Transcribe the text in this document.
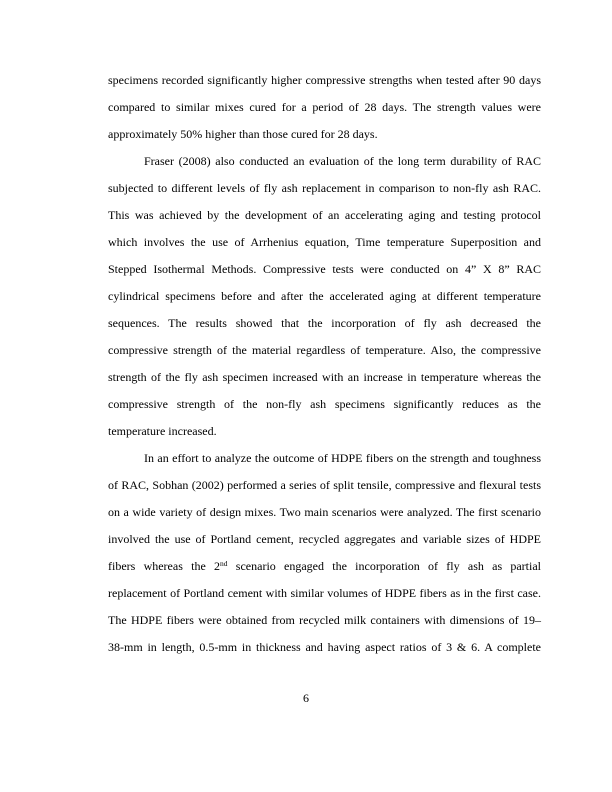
specimens recorded significantly higher compressive strengths when tested after 90 days
compared to similar mixes cured for a period of 28 days. The strength values were
approximately 50% higher than those cured for 28 days.
Fraser (2008) also conducted an evaluation of the long term durability of RAC
subjected to different levels of fly ash replacement in comparison to non-fly ash RAC.
This was achieved by the development of an accelerating aging and testing protocol
which involves the use of Arrhenius equation, Time temperature Superposition and
Stepped Isothermal Methods. Compressive tests were conducted on 4” X 8” RAC
cylindrical specimens before and after the accelerated aging at different temperature
sequences. The results showed that the incorporation of fly ash decreased the
compressive strength of the material regardless of temperature. Also, the compressive
strength of the fly ash specimen increased with an increase in temperature whereas the
compressive strength of the non-fly ash specimens significantly reduces as the
temperature increased.
In an effort to analyze the outcome of HDPE fibers on the strength and toughness
of RAC, Sobhan (2002) performed a series of split tensile, compressive and flexural tests
on a wide variety of design mixes. Two main scenarios were analyzed. The first scenario
involved the use of Portland cement, recycled aggregates and variable sizes of HDPE
fibers whereas the 2nd scenario engaged the incorporation of fly ash as partial
replacement of Portland cement with similar volumes of HDPE fibers as in the first case.
The HDPE fibers were obtained from recycled milk containers with dimensions of 19–
38-mm in length, 0.5-mm in thickness and having aspect ratios of 3 & 6. A complete
6
